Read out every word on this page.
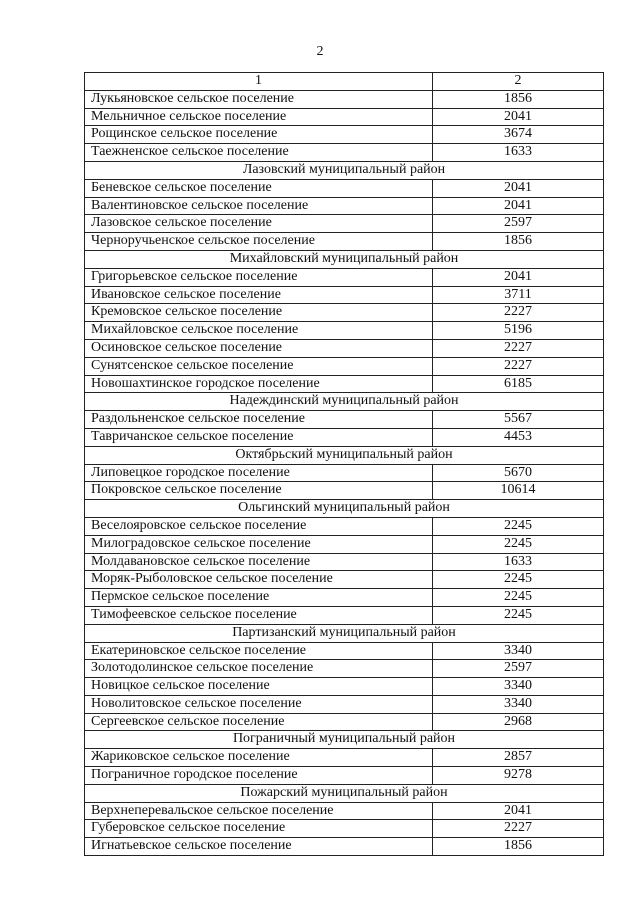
2
1	2
Лукьяновское сельское поселение	1856
Мельничное сельское поселение	2041
Рощинское сельское поселение	3674
Таежненское сельское поселение	1633
Лазовский муниципальный район	
Беневское сельское поселение	2041
Валентиновское сельское поселение	2041
Лазовское сельское поселение	2597
Черноручьенское сельское поселение	1856
Михайловский муниципальный район	
Григорьевское сельское поселение	2041
Ивановское сельское поселение	3711
Кремовское сельское поселение	2227
Михайловское сельское поселение	5196
Осиновское сельское поселение	2227
Сунятсенское сельское поселение	2227
Новошахтинское городское поселение	6185
Надеждинский муниципальный район	
Раздольненское сельское поселение	5567
Тавричанское сельское поселение	4453
Октябрьский муниципальный район	
Липовецкое городское поселение	5670
Покровское сельское поселение	10614
Ольгинский муниципальный район	
Веселояровское сельское поселение	2245
Милоградовское сельское поселение	2245
Молдавановское сельское поселение	1633
Моряк-Рыболовское сельское поселение	2245
Пермское сельское поселение	2245
Тимофеевское сельское поселение	2245
Партизанский муниципальный район	
Екатериновское сельское поселение	3340
Золотодолинское сельское поселение	2597
Новицкое сельское поселение	3340
Новолитовское сельское поселение	3340
Сергеевское сельское поселение	2968
Пограничный муниципальный район	
Жариковское сельское поселение	2857
Пограничное городское поселение	9278
Пожарский муниципальный район	
Верхнеперевальское сельское поселение	2041
Губеровское сельское поселение	2227
Игнатьевское сельское поселение	1856
